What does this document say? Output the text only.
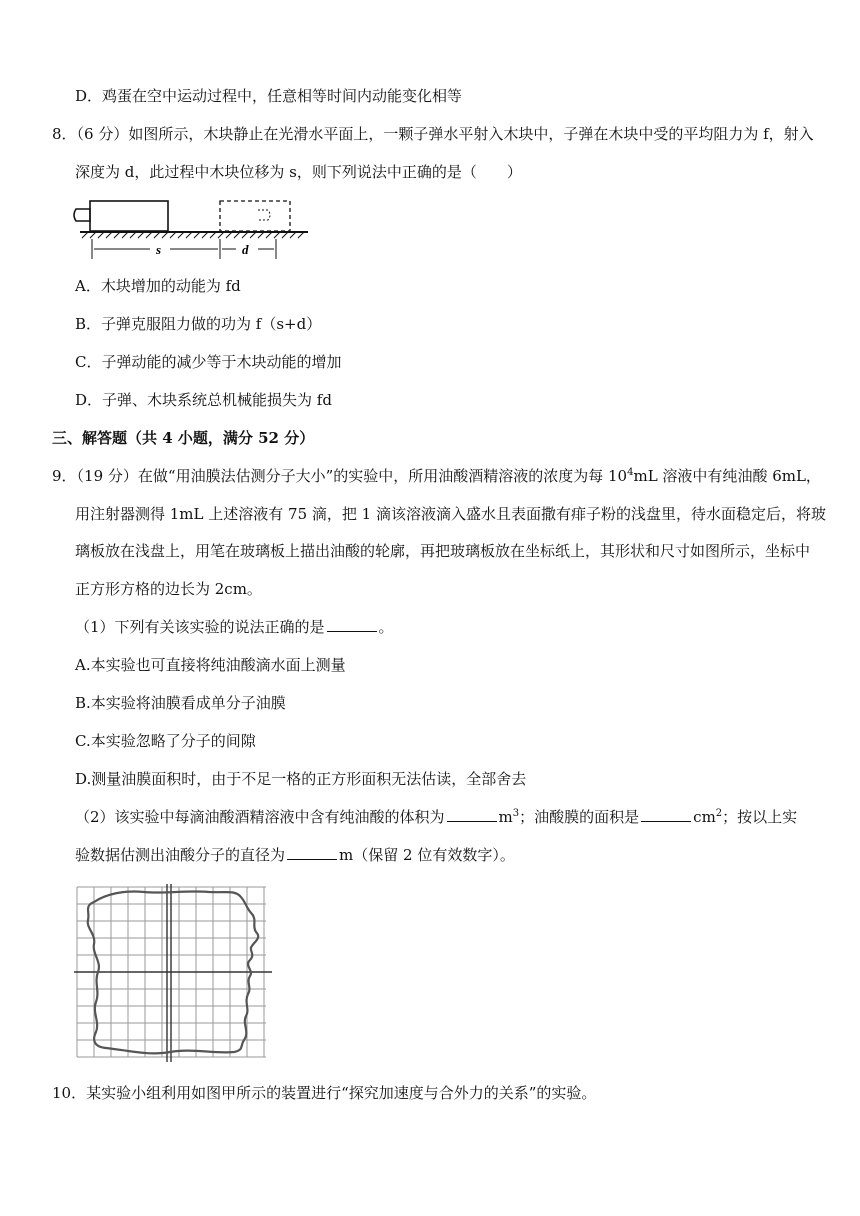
D．鸡蛋在空中运动过程中，任意相等时间内动能变化相等
8．（6 分）如图所示，木块静止在光滑水平面上，一颗子弹水平射入木块中，子弹在木块中受的平均阻力为 f，射入
深度为 d，此过程中木块位移为 s，则下列说法中正确的是（　　）
s	d
A．木块增加的动能为 fd
B．子弹克服阻力做的功为 f（s+d）
C．子弹动能的减少等于木块动能的增加
D．子弹、木块系统总机械能损失为 fd
三、解答题（共 4 小题，满分 52 分）
9．（19 分）在做“用油膜法估测分子大小”的实验中，所用油酸酒精溶液的浓度为每 $10^4mL$ 溶液中有纯油酸 6mL，
用注射器测得 1mL 上述溶液有 75 滴，把 1 滴该溶液滴入盛水且表面撒有痱子粉的浅盘里，待水面稳定后，将玻
璃板放在浅盘上，用笔在玻璃板上描出油酸的轮廓，再把玻璃板放在坐标纸上，其形状和尺寸如图所示，坐标中
正方形方格的边长为 2cm。
（1）下列有关该实验的说法正确的是	。
A.本实验也可直接将纯油酸滴水面上测量
B.本实验将油膜看成单分子油膜
C.本实验忽略了分子的间隙
D.测量油膜面积时，由于不足一格的正方形面积无法估读，全部舍去
（2）该实验中每滴油酸酒精溶液中含有纯油酸的体积为	$m^3$；油酸膜的面积是	$cm^2$；按以上实
验数据估测出油酸分子的直径为	m（保留 2 位有效数字）。
10．某实验小组利用如图甲所示的装置进行“探究加速度与合外力的关系”的实验。
